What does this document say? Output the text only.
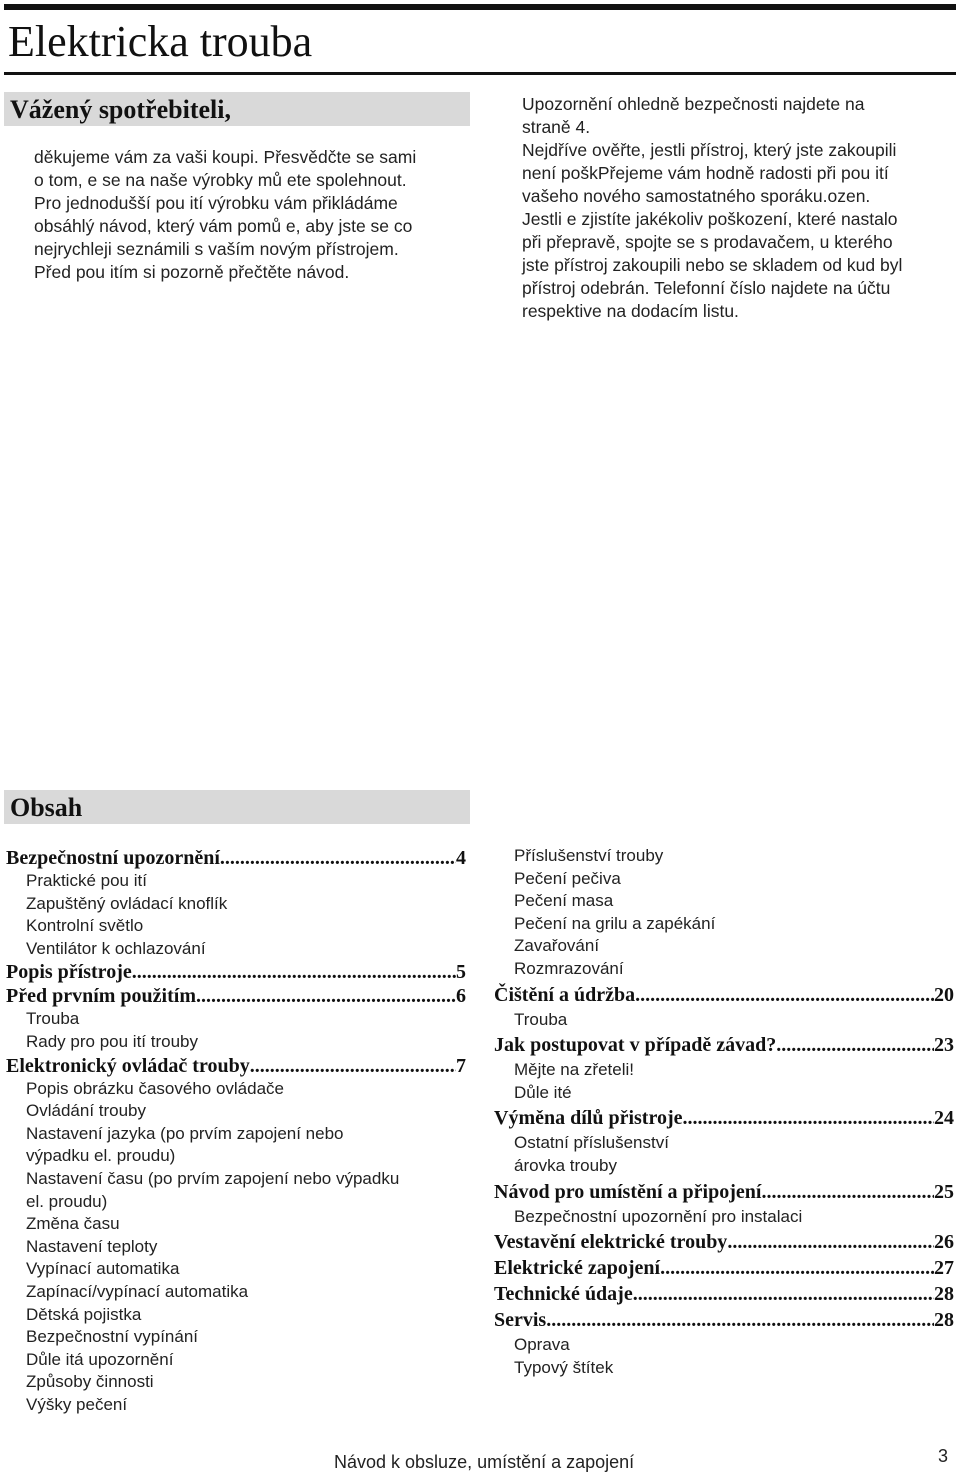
Elektricka trouba
Vážený spotřebiteli,
děkujeme vám za vaši koupi. Přesvědčte se sami
o tom, e se na naše výrobky mů ete spolehnout.
Pro jednodušší pou ití výrobku vám přikládáme
obsáhlý návod, který vám pomů e, aby jste se co
nejrychleji seznámili s vaším novým přístrojem.
Před pou itím si pozorně přečtěte návod.
Upozornění ohledně bezpečnosti najdete na
straně 4.
Nejdříve ověřte, jestli přístroj, který jste zakoupili
není poškPřejeme vám hodně radosti při pou ití
vašeho nového samostatného sporáku.ozen.
Jestli e zjistíte jakékoliv poškození, které nastalo
při přepravě, spojte se s prodavačem, u kterého
jste přístroj zakoupili nebo se skladem od kud byl
přístroj odebrán. Telefonní číslo najdete na účtu
respektive na dodacím listu.
Obsah
Bezpečnostní upozornění .....	4
Praktické pou ití
Zapuštěný ovládací knoflík
Kontrolní světlo
Ventilátor k ochlazování
Popis přístroje .....	5
Před prvním použitím .....	6
Trouba
Rady pro pou ití trouby
Elektronický ovládač trouby .....	7
Popis obrázku časového ovládače
Ovládání trouby
Nastavení jazyka (po prvím zapojení nebo
výpadku el. proudu)
Nastavení času (po prvím zapojení nebo výpadku
el. proudu)
Změna času
Nastavení teploty
Vypínací automatika
Zapínací/vypínací automatika
Dětská pojistka
Bezpečnostní vypínání
Důle itá upozornění
Způsoby činnosti
Výšky pečení
Příslušenství trouby
Pečení pečiva
Pečení masa
Pečení na grilu a zapékání
Zavařování
Rozmrazování
Čištění a údržba .....	20
Trouba
Jak postupovat v případě závad? .....	23
Mějte na zřeteli!
Důle ité
Výměna dílů přistroje .....	24
Ostatní příslušenství
árovka trouby
Návod pro umístění a připojení .....	25
Bezpečnostní upozornění pro instalaci
Vestavění elektrické trouby .....	26
Elektrické zapojení .....	27
Technické údaje .....	28
Servis .....	28
Oprava
Typový štítek
Návod k obsluze, umístění a zapojení	3
